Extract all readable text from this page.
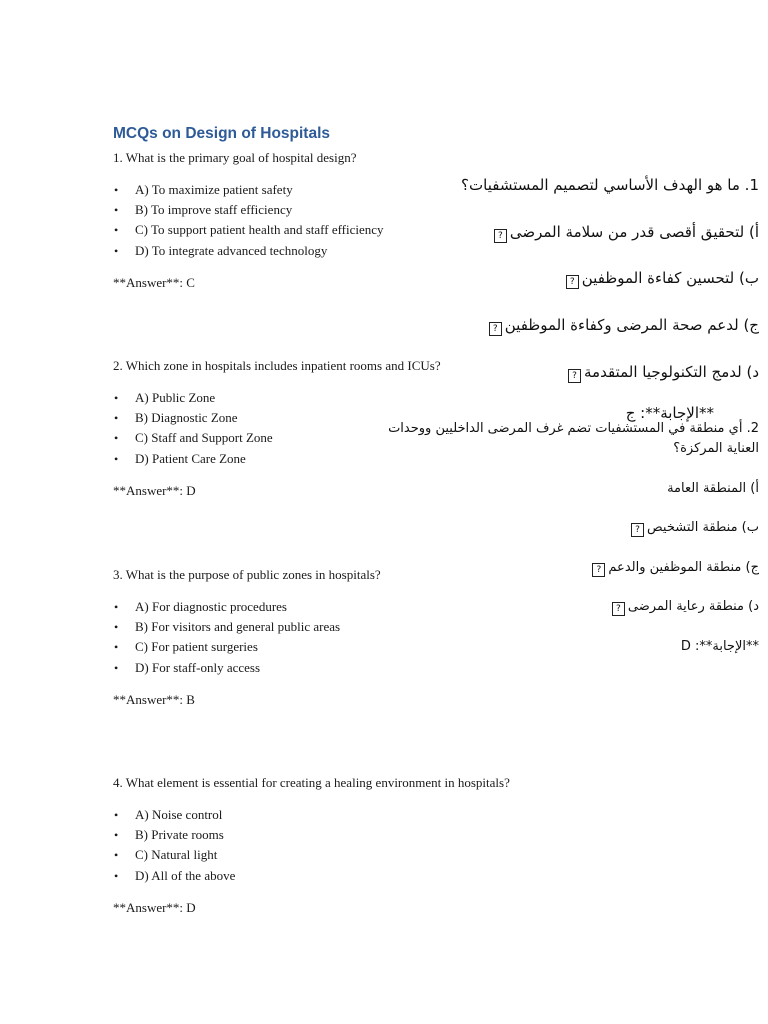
MCQs on Design of Hospitals
1. What is the primary goal of hospital design?
• A) To maximize patient safety
• B) To improve staff efficiency
• C) To support patient health and staff efficiency
• D) To integrate advanced technology
**Answer**: C
2. Which zone in hospitals includes inpatient rooms and ICUs?
• A) Public Zone
• B) Diagnostic Zone
• C) Staff and Support Zone
• D) Patient Care Zone
**Answer**: D
3. What is the purpose of public zones in hospitals?
• A) For diagnostic procedures
• B) For visitors and general public areas
• C) For patient surgeries
• D) For staff-only access
**Answer**: B
4. What element is essential for creating a healing environment in hospitals?
• A) Noise control
• B) Private rooms
• C) Natural light
• D) All of the above
**Answer**: D
1. ما هو الهدف الأساسي لتصميم المستشفيات؟
أ) لتحقيق أقصى قدر من سلامة المرضى?
ب) لتحسين كفاءة الموظفين?
ج) لدعم صحة المرضى وكفاءة الموظفين?
د) لدمج التكنولوجيا المتقدمة?
**الإجابة**: ج
2. أي منطقة في المستشفيات تضم غرف المرضى الداخليين ووحدات العناية المركزة؟
أ) المنطقة العامة
ب) منطقة التشخيص?
ج) منطقة الموظفين والدعم?
د) منطقة رعاية المرضى?
**الإجابة**: D
